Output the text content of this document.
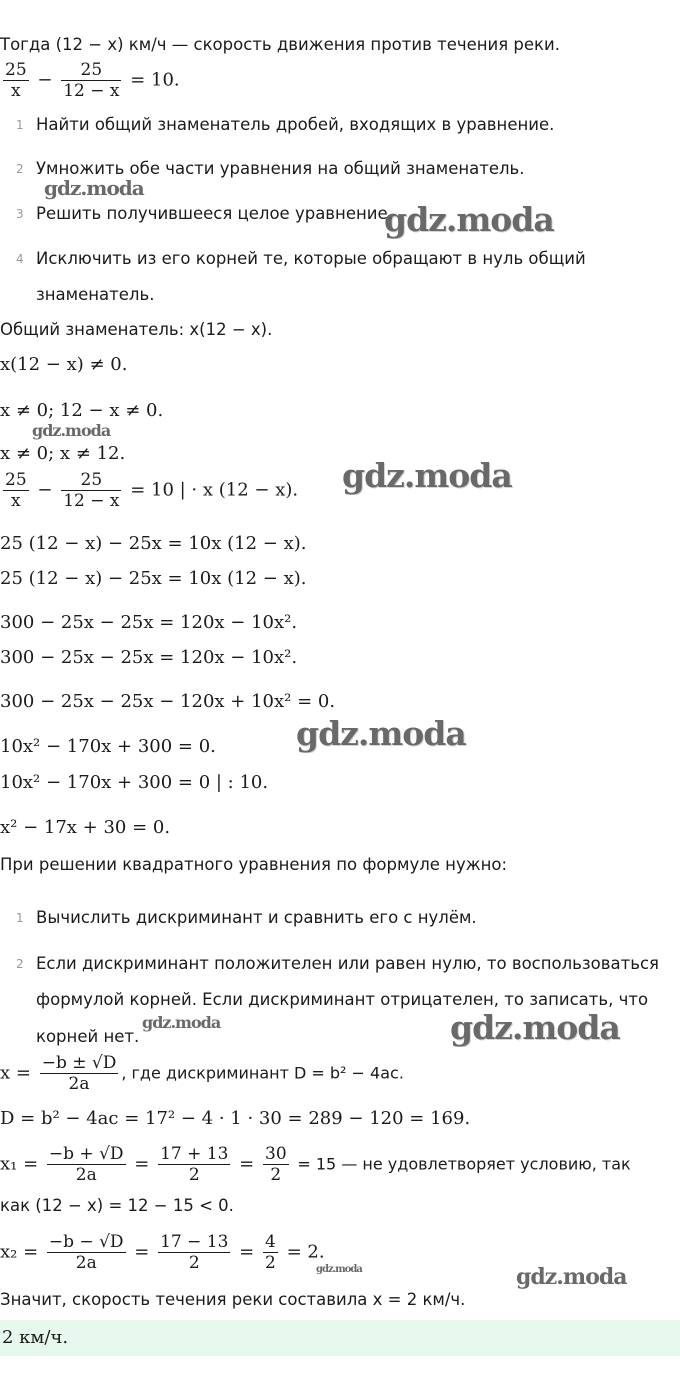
Тогда (12 − x) км/ч — скорость движения против течения реки.
$\frac{25}{x} - \frac{25}{12 - x} = 10$.
1 Найти общий знаменатель дробей, входящих в уравнение.
2 Умножить обе части уравнения на общий знаменатель.
3 Решить получившееся целое уравнение.
4 Исключить из его корней те, которые обращают в нуль общий
знаменатель.
Общий знаменатель: x(12 − x).
x(12 − x) ≠ 0.
x ≠ 0; 12 − x ≠ 0.
x ≠ 0; x ≠ 12.
$\frac{25}{x} - \frac{25}{12 - x} = 10$ | · x (12 − x).
25 (12 − x) − 25x = 10x (12 − x).
25 (12 − x) − 25x = 10x (12 − x).
300 − 25x − 25x = 120x − 10x².
300 − 25x − 25x = 120x − 10x².
300 − 25x − 25x − 120x + 10x² = 0.
10x² − 170x + 300 = 0.
10x² − 170x + 300 = 0 | : 10.
x² − 17x + 30 = 0.
При решении квадратного уравнения по формуле нужно:
1 Вычислить дискриминант и сравнить его с нулём.
2 Если дискриминант положителен или равен нулю, то воспользоваться
формулой корней. Если дискриминант отрицателен, то записать, что
корней нет.
$x = \frac{-b \pm √D}{2a}$ , где дискриминант D = b² − 4ac.
D = b² − 4ac = 17² − 4 · 1 · 30 = 289 − 120 = 169.
$x_1 = \frac{-b + √D}{2a} = \frac{17 + 13}{2} = \frac{30}{2} = 15$ — не удовлетворяет условию, так
как (12 − x) = 12 − 15 < 0.
$x_2 = \frac{-b - √D}{2a} = \frac{17 - 13}{2} = \frac{4}{2} = 2$.
Значит, скорость течения реки составила x = 2 км/ч.
2 км/ч.
gdz.moda
gdz.moda
gdz.moda
gdz.moda
gdz.moda
gdz.moda	gdz.moda
gdz.moda	gdz.moda
